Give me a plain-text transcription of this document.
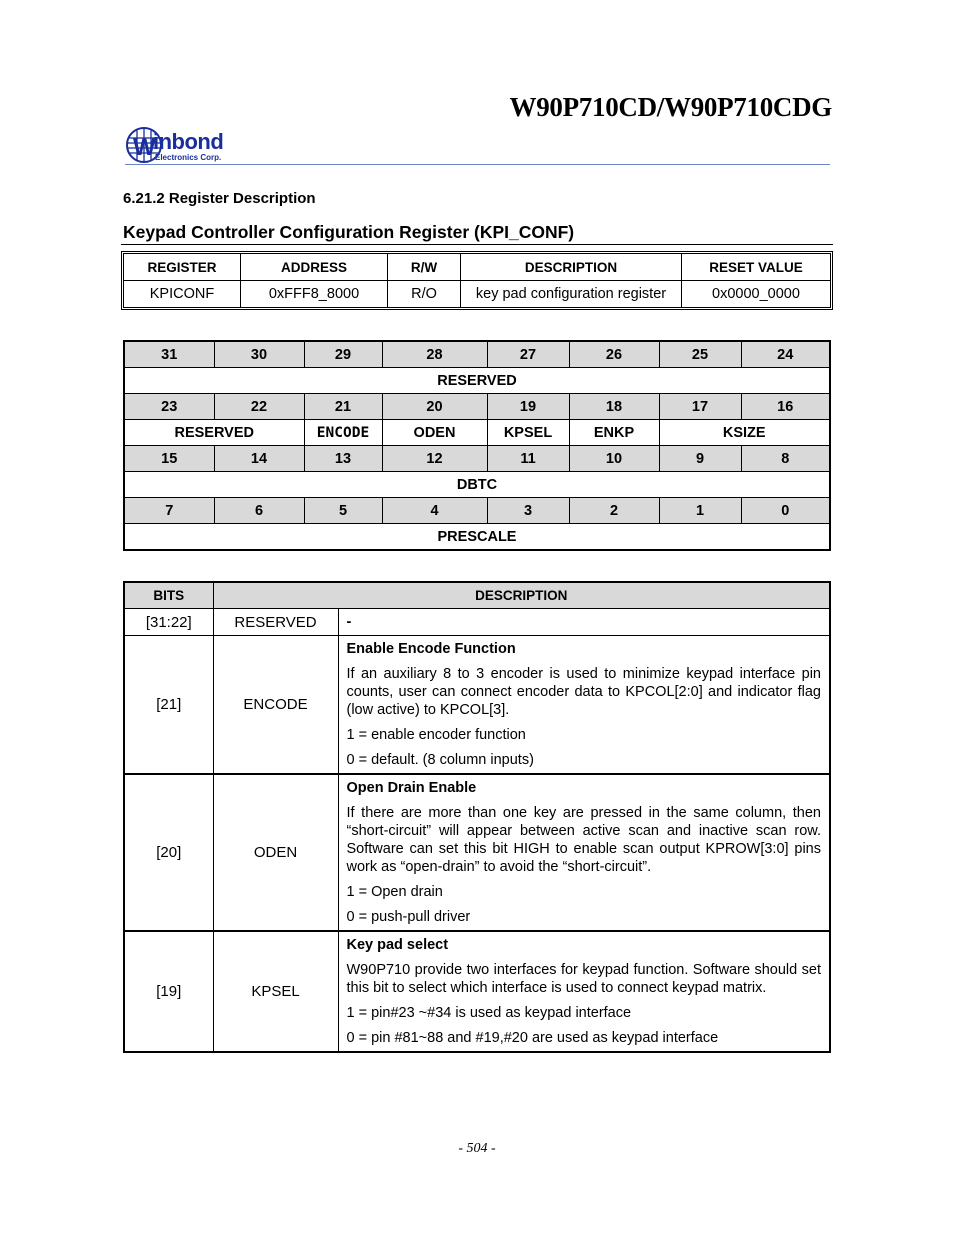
W90P710CD/W90P710CDG
W
inbond
Electronics Corp.
6.21.2 Register Description
Keypad Controller Configuration Register (KPI_CONF)
REGISTER	ADDRESS	R/W	DESCRIPTION	RESET VALUE
KPICONF	0xFFF8_8000	R/O	key pad configuration register	0x0000_0000
31	30	29	28	27	26	25	24
RESERVED							
23	22	21	20	19	18	17	16
RESERVED		ENCODE	ODEN	KPSEL	ENKP	KSIZE	
15	14	13	12	11	10	9	8
DBTC							
7	6	5	4	3	2	1	0
PRESCALE							
BITS	DESCRIPTION	
[31:22]	RESERVED	-
[21]	ENCODE	Enable Encode Function

If an auxiliary 8 to 3 encoder is used to minimize keypad interface pin counts, user can connect encoder data to KPCOL[2:0] and indicator flag (low active) to KPCOL[3].

1 = enable encoder function

0 = default. (8 column inputs)

[20]	ODEN	Open Drain Enable

If there are more than one key are pressed in the same column, then “short-circuit” will appear between active scan and inactive scan row. Software can set this bit HIGH to enable scan output KPROW[3:0] pins work as “open-drain” to avoid the “short-circuit”.

1 = Open drain

0 = push-pull driver

[19]	KPSEL	Key pad select

W90P710 provide two interfaces for keypad function. Software should set this bit to select which interface is used to connect keypad matrix.

1 = pin#23 ~#34 is used as keypad interface

0 = pin #81~88 and #19,#20 are used as keypad interface

- 504 -
